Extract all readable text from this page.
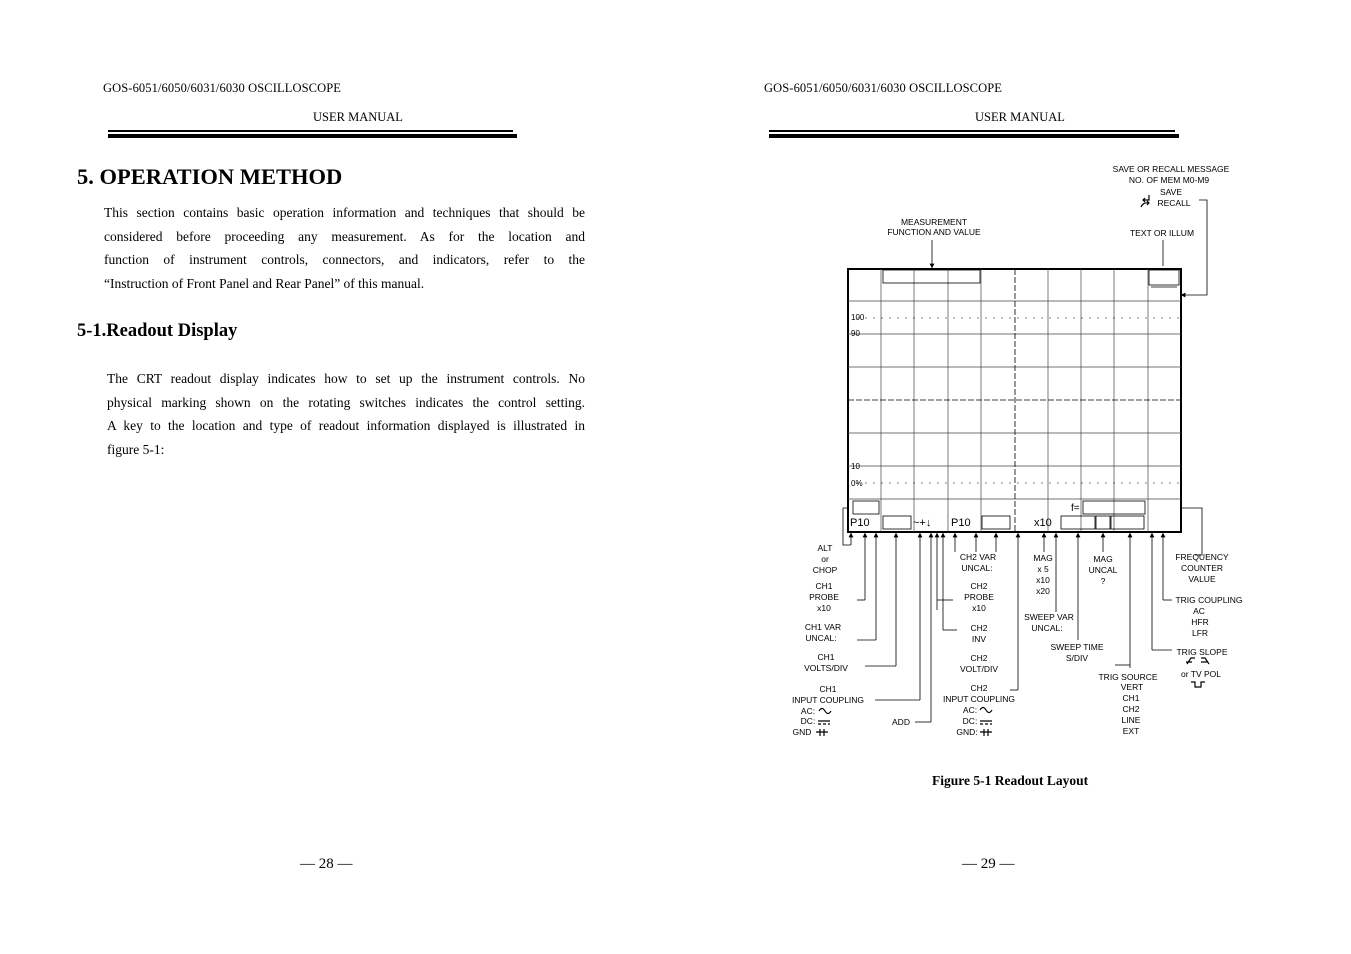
GOS-6051/6050/6031/6030 OSCILLOSCOPE
USER MANUAL
5. OPERATION METHOD
This section contains basic operation information and techniques that should be
considered before proceeding any measurement. As for the location and
function of instrument controls, connectors, and indicators, refer to the
“Instruction of Front Panel and Rear Panel” of this manual.
5-1.Readout Display
The CRT readout display indicates how to set up the instrument controls. No
physical marking shown on the rotating switches indicates the control setting.
A key to the location and type of readout information displayed is illustrated in
figure 5-1:
— 28 —
GOS-6051/6050/6031/6030 OSCILLOSCOPE
USER MANUAL
100
90
10
0%
f=
P10	~+↓ P10	x10
MEASUREMENT
FUNCTION AND VALUE
SAVE OR RECALL MESSAGE
NO. OF MEM M0-M9
SAVE
RECALL
TEXT OR ILLUM
ALT
or
CHOP
CH1
PROBE
x10
CH1 VAR
UNCAL:
CH1
VOLTS/DIV
CH1
INPUT COUPLING
AC:
DC:
GND
ADD
CH2 VAR
UNCAL:
CH2
PROBE
x10
CH2
INV
CH2
VOLT/DIV
CH2
INPUT COUPLING
AC:
DC:
GND:
MAG
x 5
x10
x20
SWEEP VAR
UNCAL:
MAG
UNCAL
?
SWEEP TIME
S/DIV
TRIG SOURCE
VERT
CH1
CH2
LINE
EXT
FREQUENCY
COUNTER
VALUE
TRIG COUPLING
AC
HFR
LFR
TRIG SLOPE
or TV POL
Figure 5-1 Readout Layout
— 29 —
